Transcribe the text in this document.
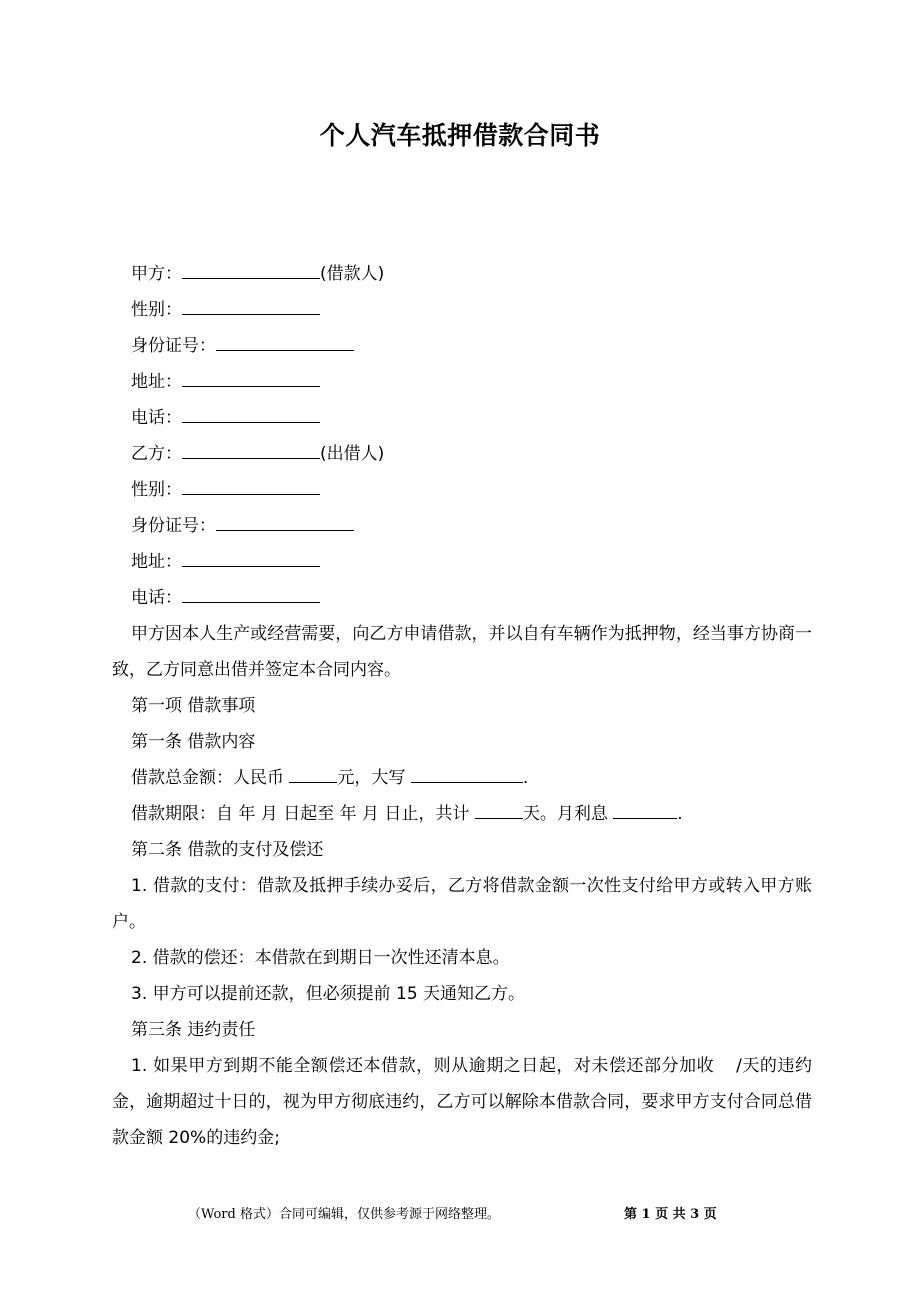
个人汽车抵押借款合同书

甲方：	(借款人)

性别：

身份证号：

地址：

电话：

乙方：	(出借人)

性别：

身份证号：

地址：

电话：

甲方因本人生产或经营需要，向乙方申请借款，并以自有车辆作为抵押物，经当事方协商一致，乙方同意出借并签定本合同内容。

第一项 借款事项

第一条 借款内容

借款总金额：人民币	元，大写	.

借款期限：自 年 月 日起至 年 月 日止，共计	天。月利息	.

第二条 借款的支付及偿还

1. 借款的支付：借款及抵押手续办妥后，乙方将借款金额一次性支付给甲方或转入甲方账户。

2. 借款的偿还：本借款在到期日一次性还清本息。

3. 甲方可以提前还款，但必须提前 15 天通知乙方。

第三条 违约责任

1. 如果甲方到期不能全额偿还本借款，则从逾期之日起，对未偿还部分加收 /天的违约金，逾期超过十日的，视为甲方彻底违约，乙方可以解除本借款合同，要求甲方支付合同总借款金额 20%的违约金;

（Word 格式）合同可编辑，仅供参考源于网络整理。	第 1 页 共 3 页
